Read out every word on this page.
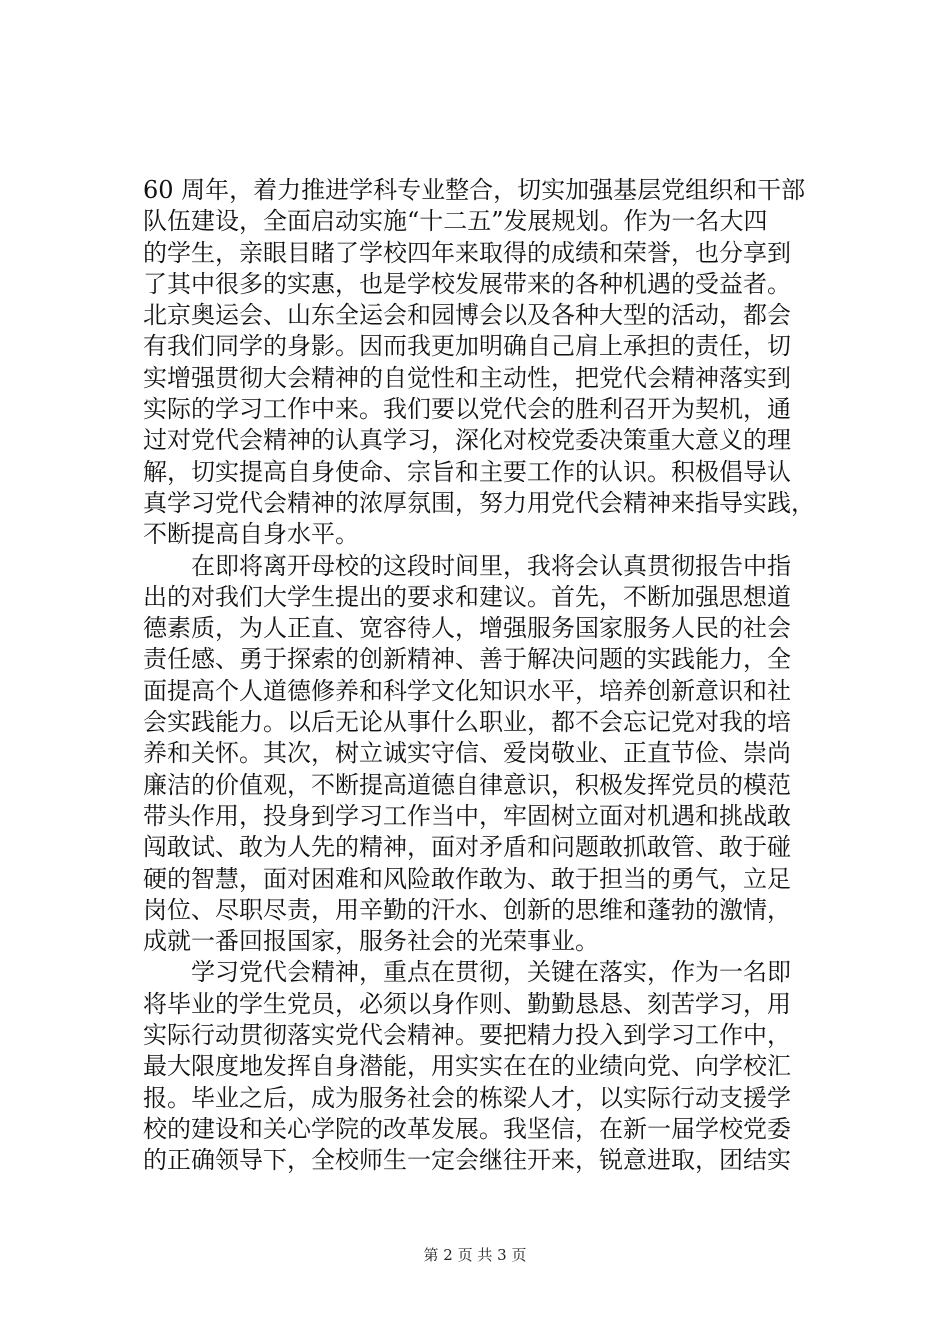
60 周年，着力推进学科专业整合，切实加强基层党组织和干部
队伍建设，全面启动实施“十二五”发展规划。作为一名大四
的学生，亲眼目睹了学校四年来取得的成绩和荣誉，也分享到
了其中很多的实惠，也是学校发展带来的各种机遇的受益者。
北京奥运会、山东全运会和园博会以及各种大型的活动，都会
有我们同学的身影。因而我更加明确自己肩上承担的责任，切
实增强贯彻大会精神的自觉性和主动性，把党代会精神落实到
实际的学习工作中来。我们要以党代会的胜利召开为契机，通
过对党代会精神的认真学习，深化对校党委决策重大意义的理
解，切实提高自身使命、宗旨和主要工作的认识。积极倡导认
真学习党代会精神的浓厚氛围，努力用党代会精神来指导实践，
不断提高自身水平。
　　在即将离开母校的这段时间里，我将会认真贯彻报告中指
出的对我们大学生提出的要求和建议。首先，不断加强思想道
德素质，为人正直、宽容待人，增强服务国家服务人民的社会
责任感、勇于探索的创新精神、善于解决问题的实践能力，全
面提高个人道德修养和科学文化知识水平，培养创新意识和社
会实践能力。以后无论从事什么职业，都不会忘记党对我的培
养和关怀。其次，树立诚实守信、爱岗敬业、正直节俭、崇尚
廉洁的价值观，不断提高道德自律意识，积极发挥党员的模范
带头作用，投身到学习工作当中，牢固树立面对机遇和挑战敢
闯敢试、敢为人先的精神，面对矛盾和问题敢抓敢管、敢于碰
硬的智慧，面对困难和风险敢作敢为、敢于担当的勇气，立足
岗位、尽职尽责，用辛勤的汗水、创新的思维和蓬勃的激情，
成就一番回报国家，服务社会的光荣事业。
　　学习党代会精神，重点在贯彻，关键在落实，作为一名即
将毕业的学生党员，必须以身作则、勤勤恳恳、刻苦学习，用
实际行动贯彻落实党代会精神。要把精力投入到学习工作中，
最大限度地发挥自身潜能，用实实在在的业绩向党、向学校汇
报。毕业之后，成为服务社会的栋梁人才，以实际行动支援学
校的建设和关心学院的改革发展。我坚信，在新一届学校党委
的正确领导下，全校师生一定会继往开来，锐意进取，团结实
第 2 页 共 3 页
